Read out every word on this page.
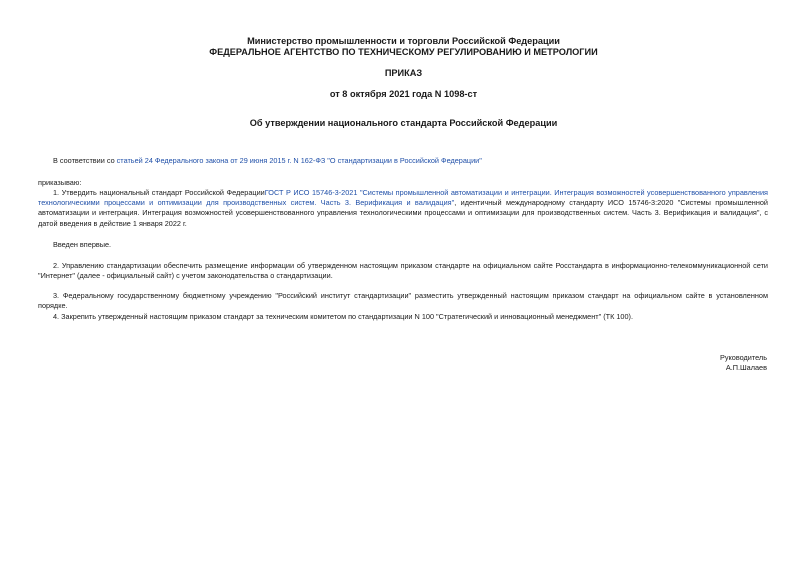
Министерство промышленности и торговли Российской Федерации
ФЕДЕРАЛЬНОЕ АГЕНТСТВО ПО ТЕХНИЧЕСКОМУ РЕГУЛИРОВАНИЮ И МЕТРОЛОГИИ
ПРИКАЗ
от 8 октября 2021 года N 1098-ст
Об утверждении национального стандарта Российской Федерации
В соответствии со статьей 24 Федерального закона от 29 июня 2015 г. N 162-ФЗ "О стандартизации в Российской Федерации"
приказываю:
1. Утвердить национальный стандарт Российской ФедерацииГОСТ Р ИСО 15746-3-2021 "Системы промышленной автоматизации и интеграции. Интеграция возможностей усовершенствованного управления технологическими процессами и оптимизации для производственных систем. Часть 3. Верификация и валидация", идентичный международному стандарту ИСО 15746-3:2020 "Системы промышленной автоматизации и интеграция. Интеграция возможностей усовершенствованного управления технологическими процессами и оптимизации для производственных систем. Часть 3. Верификация и валидация", с датой введения в действие 1 января 2022 г.
Введен впервые.
2. Управлению стандартизации обеспечить размещение информации об утвержденном настоящим приказом стандарте на официальном сайте Росстандарта в информационно-телекоммуникационной сети "Интернет" (далее - официальный сайт) с учетом законодательства о стандартизации.
3. Федеральному государственному бюджетному учреждению "Российский институт стандартизации" разместить утвержденный настоящим приказом стандарт на официальном сайте в установленном порядке.
4. Закрепить утвержденный настоящим приказом стандарт за техническим комитетом по стандартизации N 100 "Стратегический и инновационный менеджмент" (ТК 100).
Руководитель
А.П.Шалаев
